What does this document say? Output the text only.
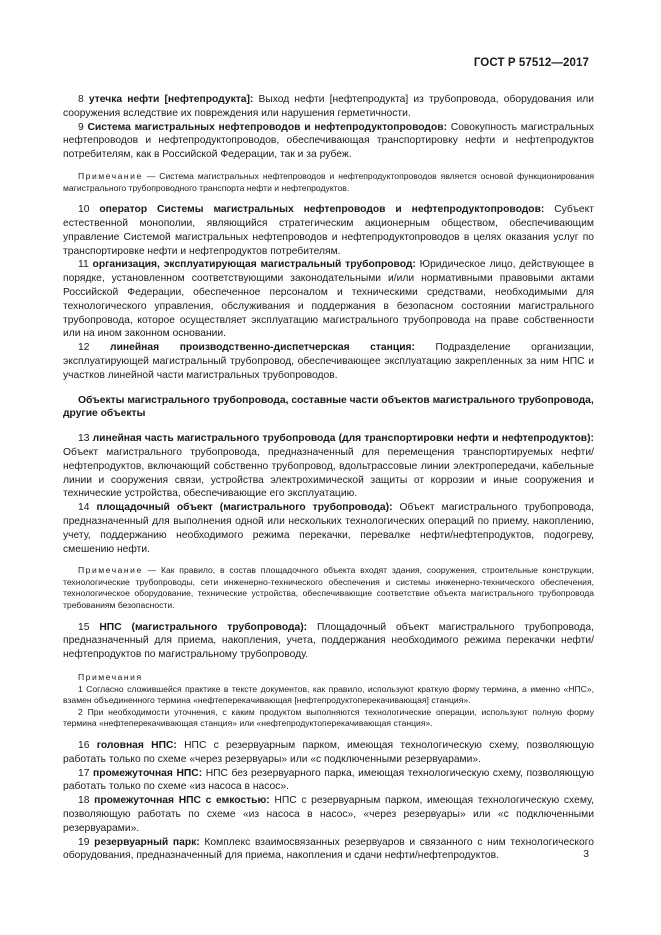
ГОСТ Р 57512—2017

8 утечка нефти [нефтепродукта]: Выход нефти [нефтепродукта] из трубопровода, оборудования или сооружения вследствие их повреждения или нарушения герметичности.

9 Система магистральных нефтепроводов и нефтепродуктопроводов: Совокупность магистральных нефтепроводов и нефтепродуктопроводов, обеспечивающая транспортировку нефти и нефтепродуктов потребителям, как в Российской Федерации, так и за рубеж.

Примечание — Система магистральных нефтепроводов и нефтепродуктопроводов является основой функционирования магистрального трубопроводного транспорта нефти и нефтепродуктов.

10 оператор Системы магистральных нефтепроводов и нефтепродуктопроводов: Субъект естественной монополии, являющийся стратегическим акционерным обществом, обеспечивающим управление Системой магистральных нефтепроводов и нефтепродуктопроводов в целях оказания услуг по транспортировке нефти и нефтепродуктов потребителям.

11 организация, эксплуатирующая магистральный трубопровод: Юридическое лицо, действующее в порядке, установленном соответствующими законодательными и/или нормативными правовыми актами Российской Федерации, обеспеченное персоналом и техническими средствами, необходимыми для технологического управления, обслуживания и поддержания в безопасном состоянии магистрального трубопровода, которое осуществляет эксплуатацию магистрального трубопровода на праве собственности или на ином законном основании.

12 линейная производственно-диспетчерская станция: Подразделение организации, эксплуатирующей магистральный трубопровод, обеспечивающее эксплуатацию закрепленных за ним НПС и участков линейной части магистральных трубопроводов.

Объекты магистрального трубопровода, составные части объектов магистрального трубопровода, другие объекты

13 линейная часть магистрального трубопровода (для транспортировки нефти и нефтепродуктов): Объект магистрального трубопровода, предназначенный для перемещения транспортируемых нефти/нефтепродуктов, включающий собственно трубопровод, вдольтрассовые линии электропередачи, кабельные линии и сооружения связи, устройства электрохимической защиты от коррозии и иные сооружения и технические устройства, обеспечивающие его эксплуатацию.

14 площадочный объект (магистрального трубопровода): Объект магистрального трубопровода, предназначенный для выполнения одной или нескольких технологических операций по приему, накоплению, учету, поддержанию необходимого режима перекачки, перевалке нефти/нефтепродуктов, подогреву, смешению нефти.

Примечание — Как правило, в состав площадочного объекта входят здания, сооружения, строительные конструкции, технологические трубопроводы, сети инженерно-технического обеспечения и системы инженерно-технического обеспечения, технологическое оборудование, технические устройства, обеспечивающие соответствие объекта магистрального трубопровода требованиям безопасности.

15 НПС (магистрального трубопровода): Площадочный объект магистрального трубопровода, предназначенный для приема, накопления, учета, поддержания необходимого режима перекачки нефти/нефтепродуктов по магистральному трубопроводу.

Примечания

1 Согласно сложившейся практике в тексте документов, как правило, используют краткую форму термина, а именно «НПС», взамен объединенного термина «нефтеперекачивающая [нефтепродуктоперекачивающая] станция».

2 При необходимости уточнения, с каким продуктом выполняются технологические операции, используют полную форму термина «нефтеперекачивающая станция» или «нефтепродуктоперекачивающая станция».

16 головная НПС: НПС с резервуарным парком, имеющая технологическую схему, позволяющую работать только по схеме «через резервуары» или «с подключенными резервуарами».

17 промежуточная НПС: НПС без резервуарного парка, имеющая технологическую схему, позволяющую работать только по схеме «из насоса в насос».

18 промежуточная НПС с емкостью: НПС с резервуарным парком, имеющая технологическую схему, позволяющую работать по схеме «из насоса в насос», «через резервуары» или «с подключенными резервуарами».

19 резервуарный парк: Комплекс взаимосвязанных резервуаров и связанного с ним технологического оборудования, предназначенный для приема, накопления и сдачи нефти/нефтепродуктов.	3
